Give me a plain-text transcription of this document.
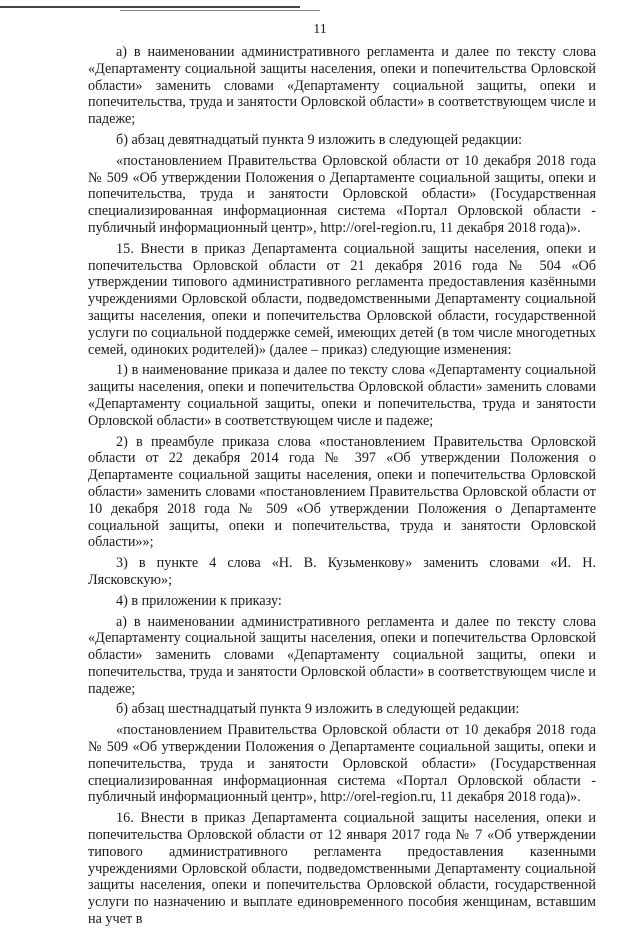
11

а) в наименовании административного регламента и далее по тексту слова «Департаменту социальной защиты населения, опеки и попечительства Орловской области» заменить словами «Департаменту социальной защиты, опеки и попечительства, труда и занятости Орловской области» в соответствующем числе и падеже;

б) абзац девятнадцатый пункта 9 изложить в следующей редакции:

«постановлением Правительства Орловской области от 10 декабря 2018 года № 509 «Об утверждении Положения о Департаменте социальной защиты, опеки и попечительства, труда и занятости Орловской области» (Государственная специализированная информационная система «Портал Орловской области - публичный информационный центр», http://orel-region.ru, 11 декабря 2018 года)».

15. Внести в приказ Департамента социальной защиты населения, опеки и попечительства Орловской области от 21 декабря 2016 года № 504 «Об утверждении типового административного регламента предоставления казёнными учреждениями Орловской области, подведомственными Департаменту социальной защиты населения, опеки и попечительства Орловской области, государственной услуги по социальной поддержке семей, имеющих детей (в том числе многодетных семей, одиноких родителей)» (далее – приказ) следующие изменения:

1) в наименование приказа и далее по тексту слова «Департаменту социальной защиты населения, опеки и попечительства Орловской области» заменить словами «Департаменту социальной защиты, опеки и попечительства, труда и занятости Орловской области» в соответствующем числе и падеже;

2) в преамбуле приказа слова «постановлением Правительства Орловской области от 22 декабря 2014 года № 397 «Об утверждении Положения о Департаменте социальной защиты населения, опеки и попечительства Орловской области» заменить словами «постановлением Правительства Орловской области от 10 декабря 2018 года № 509 «Об утверждении Положения о Департаменте социальной защиты, опеки и попечительства, труда и занятости Орловской области»»;

3) в пункте 4 слова «Н. В. Кузьменкову» заменить словами «И. Н. Лясковскую»;

4) в приложении к приказу:

а) в наименовании административного регламента и далее по тексту слова «Департаменту социальной защиты населения, опеки и попечительства Орловской области» заменить словами «Департаменту социальной защиты, опеки и попечительства, труда и занятости Орловской области» в соответствующем числе и падеже;

б) абзац шестнадцатый пункта 9 изложить в следующей редакции:

«постановлением Правительства Орловской области от 10 декабря 2018 года № 509 «Об утверждении Положения о Департаменте социальной защиты, опеки и попечительства, труда и занятости Орловской области» (Государственная специализированная информационная система «Портал Орловской области - публичный информационный центр», http://orel-region.ru, 11 декабря 2018 года)».

16. Внести в приказ Департамента социальной защиты населения, опеки и попечительства Орловской области от 12 января 2017 года № 7 «Об утверждении типового административного регламента предоставления казенными учреждениями Орловской области, подведомственными Департаменту социальной защиты населения, опеки и попечительства Орловской области, государственной услуги по назначению и выплате единовременного пособия женщинам, вставшим на учет в
